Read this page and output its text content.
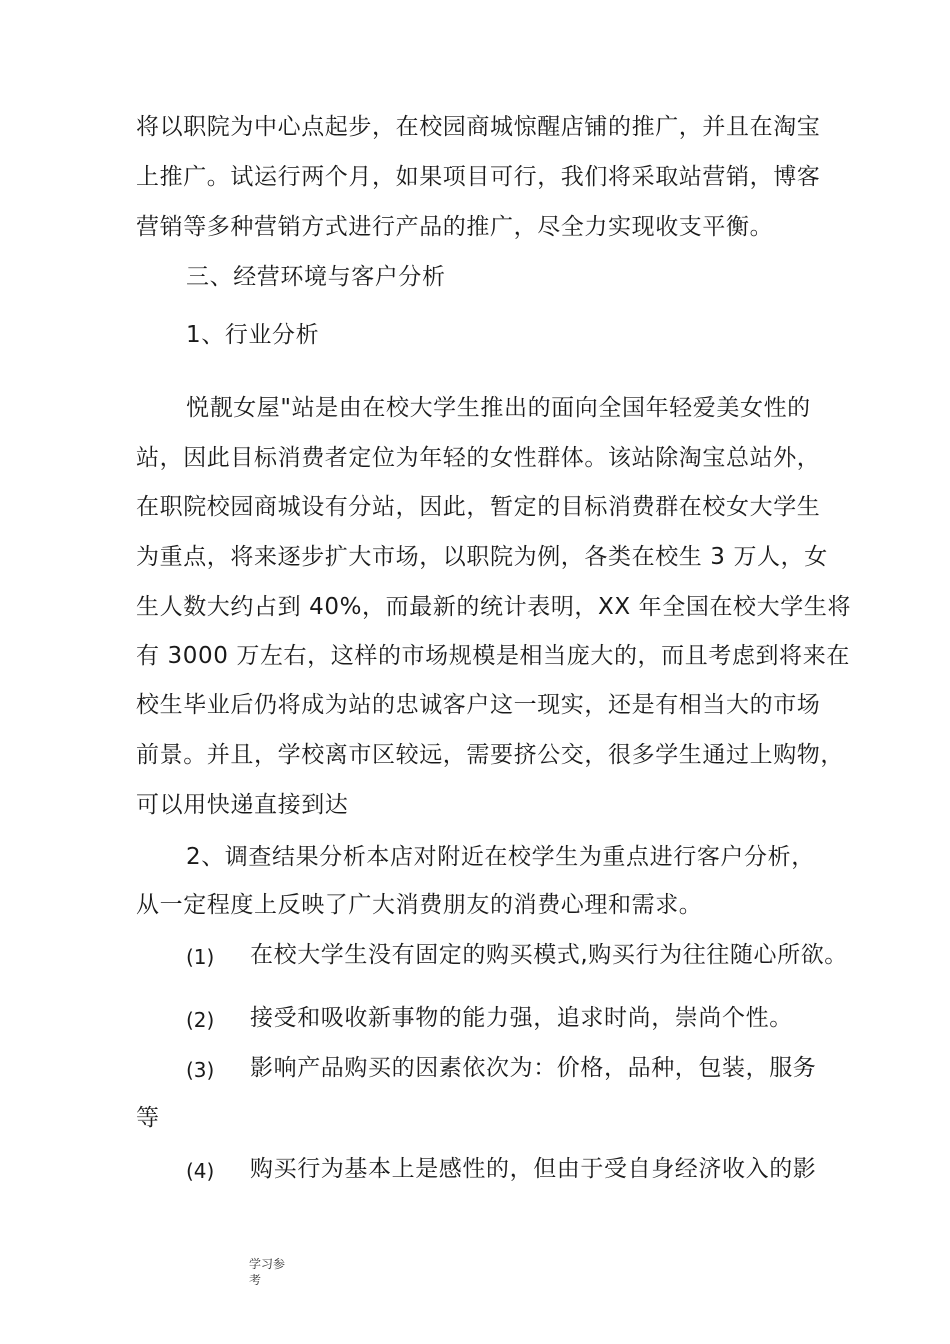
将以职院为中心点起步，在校园商城惊醒店铺的推广，并且在淘宝
上推广。试运行两个月，如果项目可行，我们将采取站营销，博客
营销等多种营销方式进行产品的推广，尽全力实现收支平衡。
三、经营环境与客户分析
1、行业分析
悦靓女屋"站是由在校大学生推出的面向全国年轻爱美女性的
站，因此目标消费者定位为年轻的女性群体。该站除淘宝总站外，
在职院校园商城设有分站，因此，暂定的目标消费群在校女大学生
为重点，将来逐步扩大市场，以职院为例，各类在校生 3 万人，女
生人数大约占到 40%，而最新的统计表明，XX 年全国在校大学生将
有 3000 万左右，这样的市场规模是相当庞大的，而且考虑到将来在
校生毕业后仍将成为站的忠诚客户这一现实，还是有相当大的市场
前景。并且，学校离市区较远，需要挤公交，很多学生通过上购物，
可以用快递直接到达
2、调查结果分析本店对附近在校学生为重点进行客户分析，
从一定程度上反映了广大消费朋友的消费心理和需求。
(1) 在校大学生没有固定的购买模式,购买行为往往随心所欲。
(2) 接受和吸收新事物的能力强，追求时尚，崇尚个性。
(3) 影响产品购买的因素依次为：价格，品种，包装，服务
等
(4) 购买行为基本上是感性的，但由于受自身经济收入的影
学习参
考
